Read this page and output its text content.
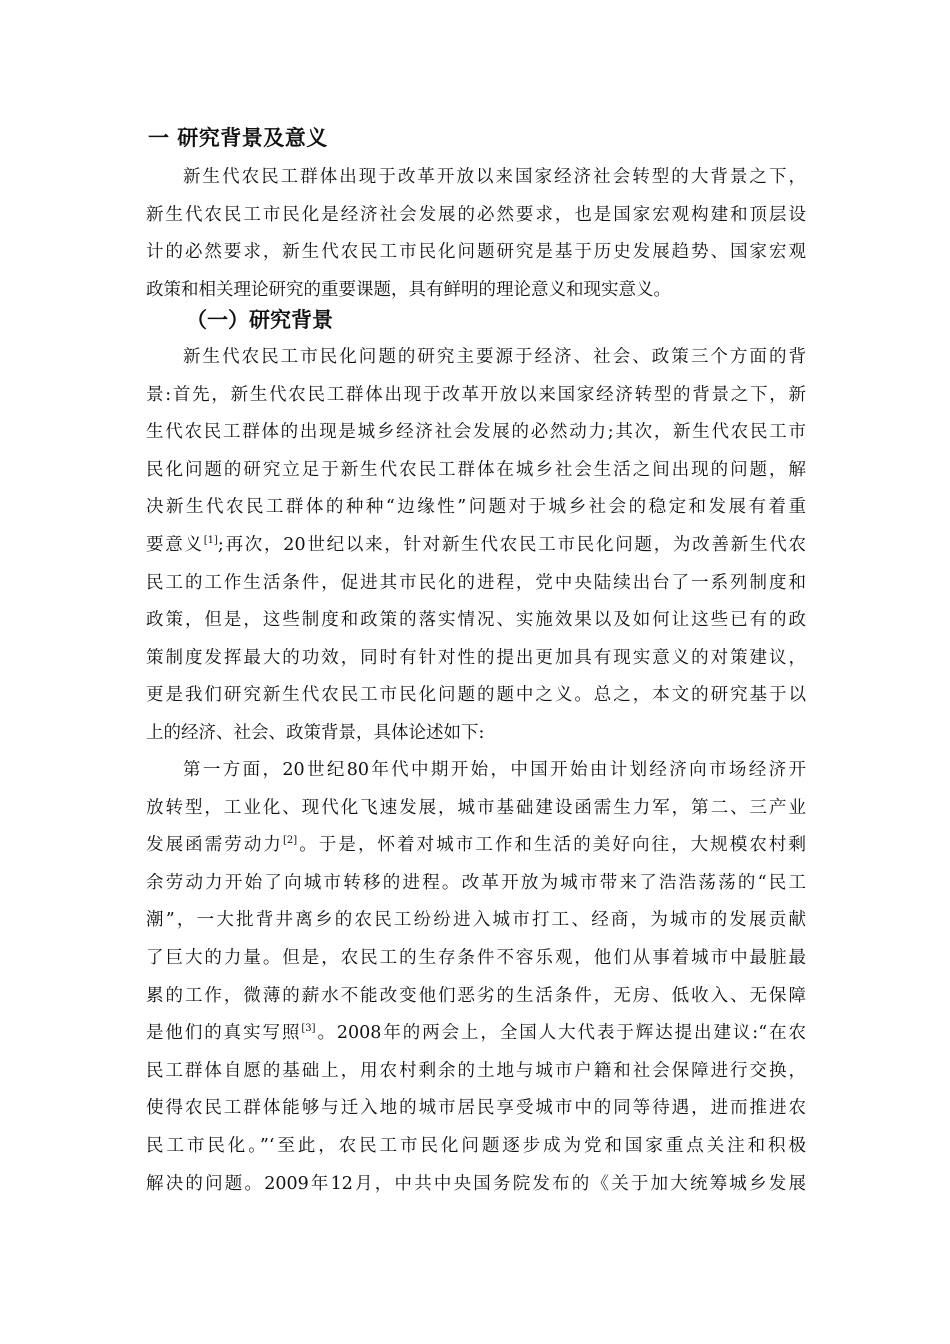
一 研究背景及意义
新生代农民工群体出现于改革开放以来国家经济社会转型的大背景之下，
新生代农民工市民化是经济社会发展的必然要求，也是国家宏观构建和顶层设
计的必然要求，新生代农民工市民化问题研究是基于历史发展趋势、国家宏观
政策和相关理论研究的重要课题，具有鲜明的理论意义和现实意义。
（一）研究背景
新生代农民工市民化问题的研究主要源于经济、社会、政策三个方面的背
景:首先，新生代农民工群体出现于改革开放以来国家经济转型的背景之下，新
生代农民工群体的出现是城乡经济社会发展的必然动力;其次，新生代农民工市
民化问题的研究立足于新生代农民工群体在城乡社会生活之间出现的问题，解
决新生代农民工群体的种种“边缘性”问题对于城乡社会的稳定和发展有着重
要意义[1];再次，20世纪以来，针对新生代农民工市民化问题，为改善新生代农
民工的工作生活条件，促进其市民化的进程，党中央陆续出台了一系列制度和
政策，但是，这些制度和政策的落实情况、实施效果以及如何让这些已有的政
策制度发挥最大的功效，同时有针对性的提出更加具有现实意义的对策建议，
更是我们研究新生代农民工市民化问题的题中之义。总之，本文的研究基于以
上的经济、社会、政策背景，具体论述如下:
第一方面，20世纪80年代中期开始，中国开始由计划经济向市场经济开
放转型，工业化、现代化飞速发展，城市基础建设函需生力军，第二、三产业
发展函需劳动力[2]。于是，怀着对城市工作和生活的美好向往，大规模农村剩
余劳动力开始了向城市转移的进程。改革开放为城市带来了浩浩荡荡的“民工
潮”，一大批背井离乡的农民工纷纷进入城市打工、经商，为城市的发展贡献
了巨大的力量。但是，农民工的生存条件不容乐观，他们从事着城市中最脏最
累的工作，微薄的薪水不能改变他们恶劣的生活条件，无房、低收入、无保障
是他们的真实写照[3]。2008年的两会上，全国人大代表于辉达提出建议:“在农
民工群体自愿的基础上，用农村剩余的土地与城市户籍和社会保障进行交换，
使得农民工群体能够与迁入地的城市居民享受城市中的同等待遇，进而推进农
民工市民化。”‘至此，农民工市民化问题逐步成为党和国家重点关注和积极
解决的问题。2009年12月，中共中央国务院发布的《关于加大统筹城乡发展
